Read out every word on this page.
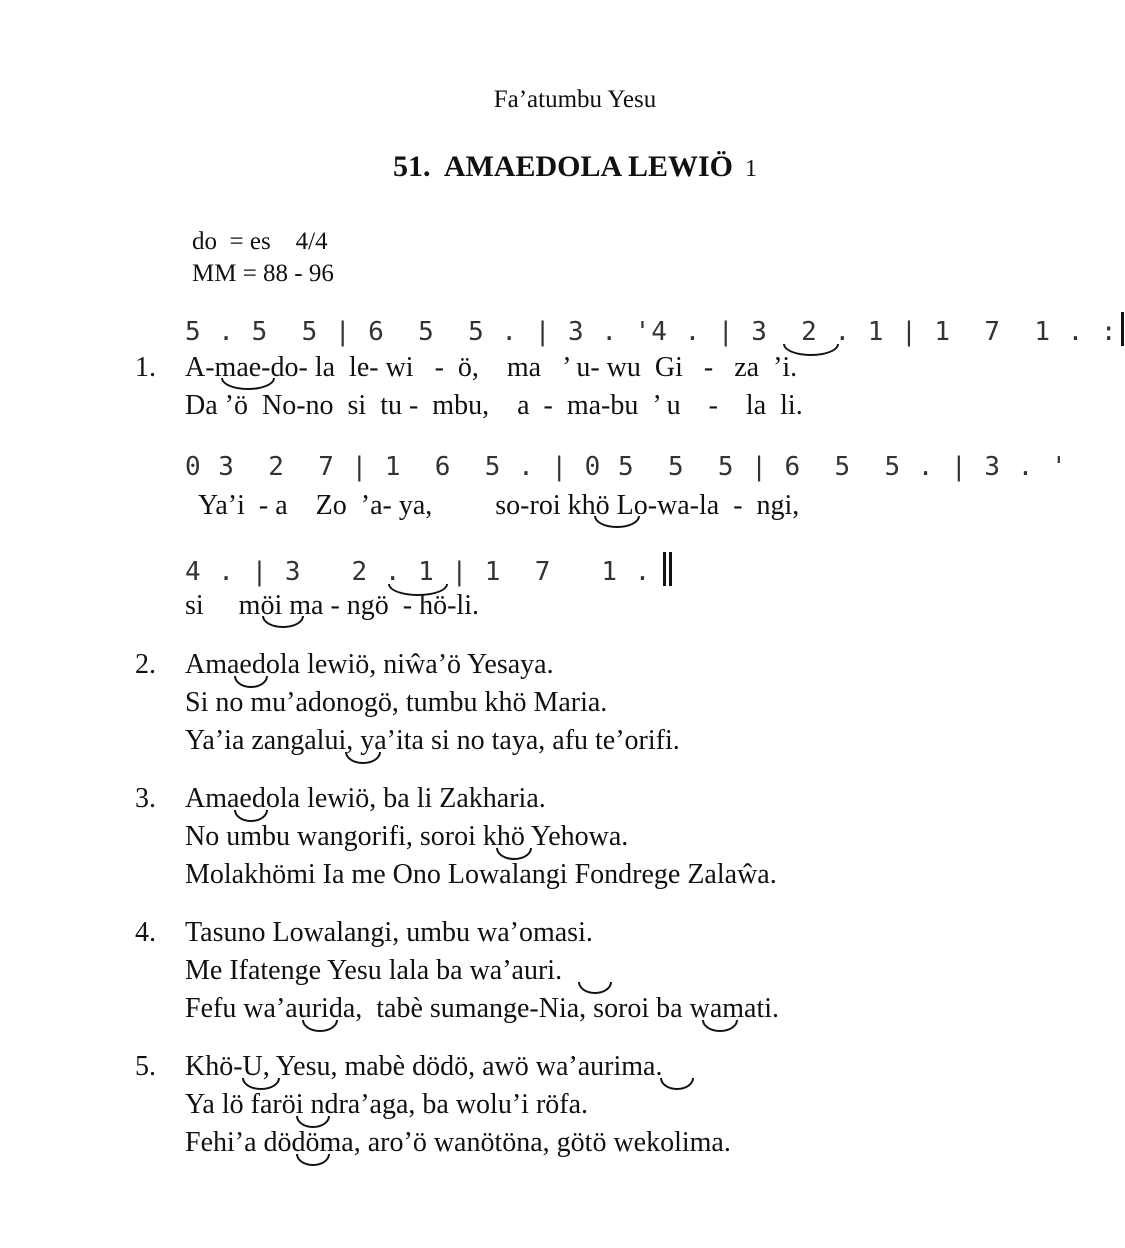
Fa’atumbu Yesu
51. AMAEDOLA LEWIÖ 1
do  = es    4/4
MM = 88 - 96
5 . 5  5 | 6  5  5 . | 3 . '4 . | 3  2 . 1 | 1  7  1 . :
1. A-mae-do- la  le- wi   -  ö,    ma   ’ u- wu  Gi   -   za  ’i.
Da ’ö  No-no  si  tu -  mbu,    a  -  ma-bu  ’ u    -    la  li.
0 3  2  7 | 1  6  5 . | 0 5  5  5 | 6  5  5 . | 3 . '
Ya’i  - a    Zo  ’a- ya,         so-roi khö Lo-wa-la  -  ngi,
4 . | 3   2 . 1 | 1  7   1 .
si     möi ma - ngö  - hö-li.
2. Amaedola lewiö, niŵa’ö Yesaya.
Si no mu’adonogö, tumbu khö Maria.
Ya’ia zangalui, ya’ita si no taya, afu te’orifi.
3. Amaedola lewiö, ba li Zakharia.
No umbu wangorifi, soroi khö Yehowa.
Molakhömi Ia me Ono Lowalangi Fondrege Zalaŵa.
4. Tasuno Lowalangi, umbu wa’omasi.
Me Ifatenge Yesu lala ba wa’auri.
Fefu wa’aurida,  tabè sumange-Nia, soroi ba wamati.
5. Khö-U, Yesu, mabè dödö, awö wa’aurima.
Ya lö faröi ndra’aga, ba wolu’i röfa.
Fehi’a dödöma, aro’ö wanötöna, götö wekolima.
